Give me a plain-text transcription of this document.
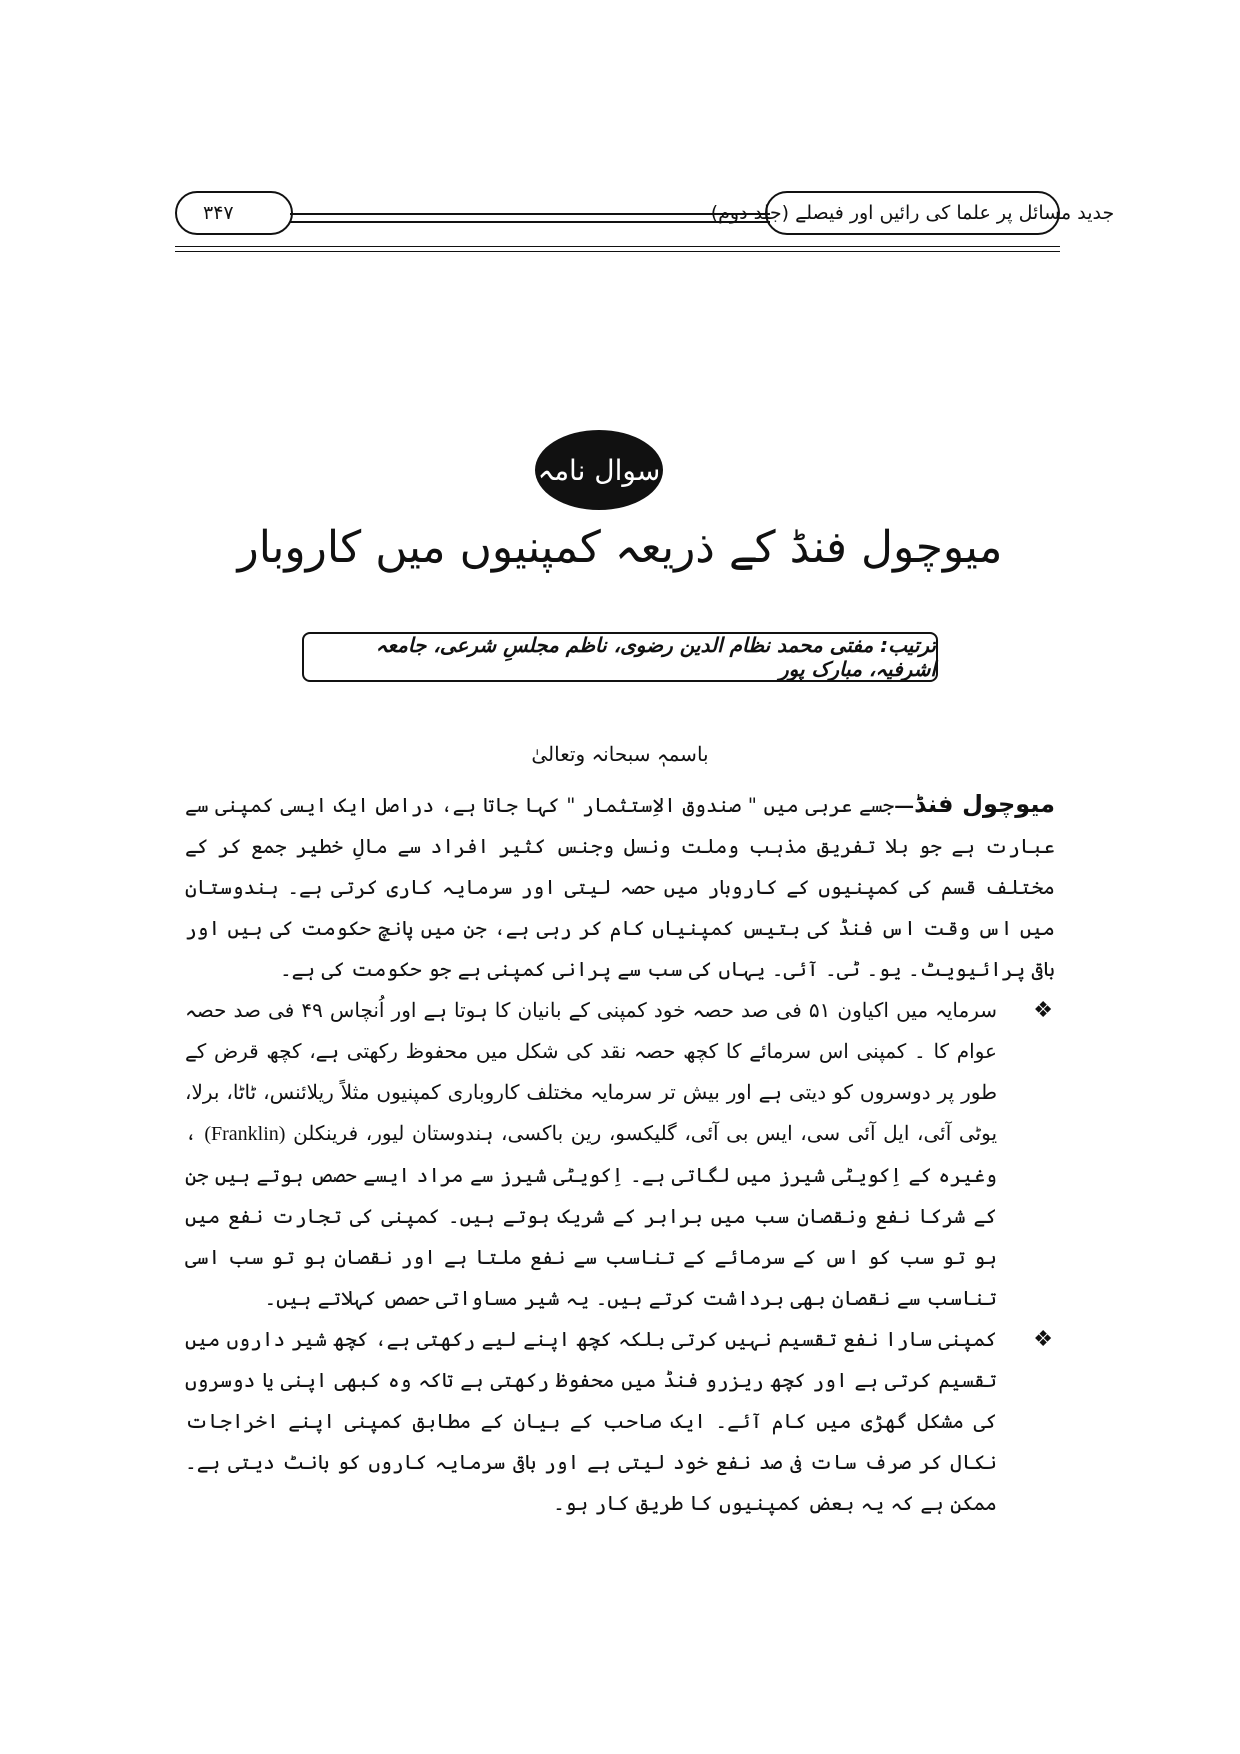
۳۴۷	جدید مسائل پر علما کی رائیں اور فیصلے (جلد دوم)
سوال نامہ
میوچول فنڈ کے ذریعہ کمپنیوں میں کاروبار
ترتیب: مفتی محمد نظام الدین رضوی، ناظم مجلسِ شرعی، جامعہ اشرفیہ، مبارک پور
باسمہٖ سبحانہ وتعالیٰ

میوچول فنڈ—جسے عربی میں " صندوق الاِستثمار " کہا جاتا ہے، دراصل ایک ایسی کمپنی سے عبارت ہے جو بلا تفریق مذہب وملت ونسل وجنس کثیر افراد سے مالِ خطیر جمع کر کے مختلف قسم کی کمپنیوں کے کاروبار میں حصہ لیتی اور سرمایہ کاری کرتی ہے۔ ہندوستان میں اس وقت اس فنڈ کی بتیس کمپنیاں کام کر رہی ہے، جن میں پانچ حکومت کی ہیں اور باقی پرائیویٹ۔ یو۔ ٹی۔ آئی۔ یہاں کی سب سے پرانی کمپنی ہے جو حکومت کی ہے۔

❖
سرمایہ میں اکیاون ۵۱ فی صد حصہ خود کمپنی کے بانیان کا ہوتا ہے اور اُنچاس ۴۹ فی صد حصہ عوام کا ۔ کمپنی اس سرمائے کا کچھ حصہ نقد کی شکل میں محفوظ رکھتی ہے، کچھ قرض کے طور پر دوسروں کو دیتی ہے اور بیش تر سرمایہ مختلف کاروباری کمپنیوں مثلاً ریلائنس، ٹاٹا، برلا، یوٹی آئی، ایل آئی سی، ایس بی آئی، گلیکسو، رین باکسی، ہندوستان لیور، فرینکلن (Franklin) ، وغیرہ کے اِکویٹی شیرز میں لگاتی ہے۔ اِکویٹی شیرز سے مراد ایسے حصص ہوتے ہیں جن کے شرکا نفع ونقصان سب میں برابر کے شریک ہوتے ہیں۔ کمپنی کی تجارت نفع میں ہو تو سب کو اس کے سرمائے کے تناسب سے نفع ملتا ہے اور نقصان ہو تو سب اسی تناسب سے نقصان بھی برداشت کرتے ہیں۔ یہ شیر مساواتی حصص کہلاتے ہیں۔

❖
کمپنی سارا نفع تقسیم نہیں کرتی بلکہ کچھ اپنے لیے رکھتی ہے، کچھ شیر داروں میں تقسیم کرتی ہے اور کچھ ریزرو فنڈ میں محفوظ رکھتی ہے تاکہ وہ کبھی اپنی یا دوسروں کی مشکل گھڑی میں کام آئے۔ ایک صاحب کے بیان کے مطابق کمپنی اپنے اخراجات نکال کر صرف سات فی صد نفع خود لیتی ہے اور باقی سرمایہ کاروں کو بانٹ دیتی ہے۔ ممکن ہے کہ یہ بعض کمپنیوں کا طریق کار ہو۔
